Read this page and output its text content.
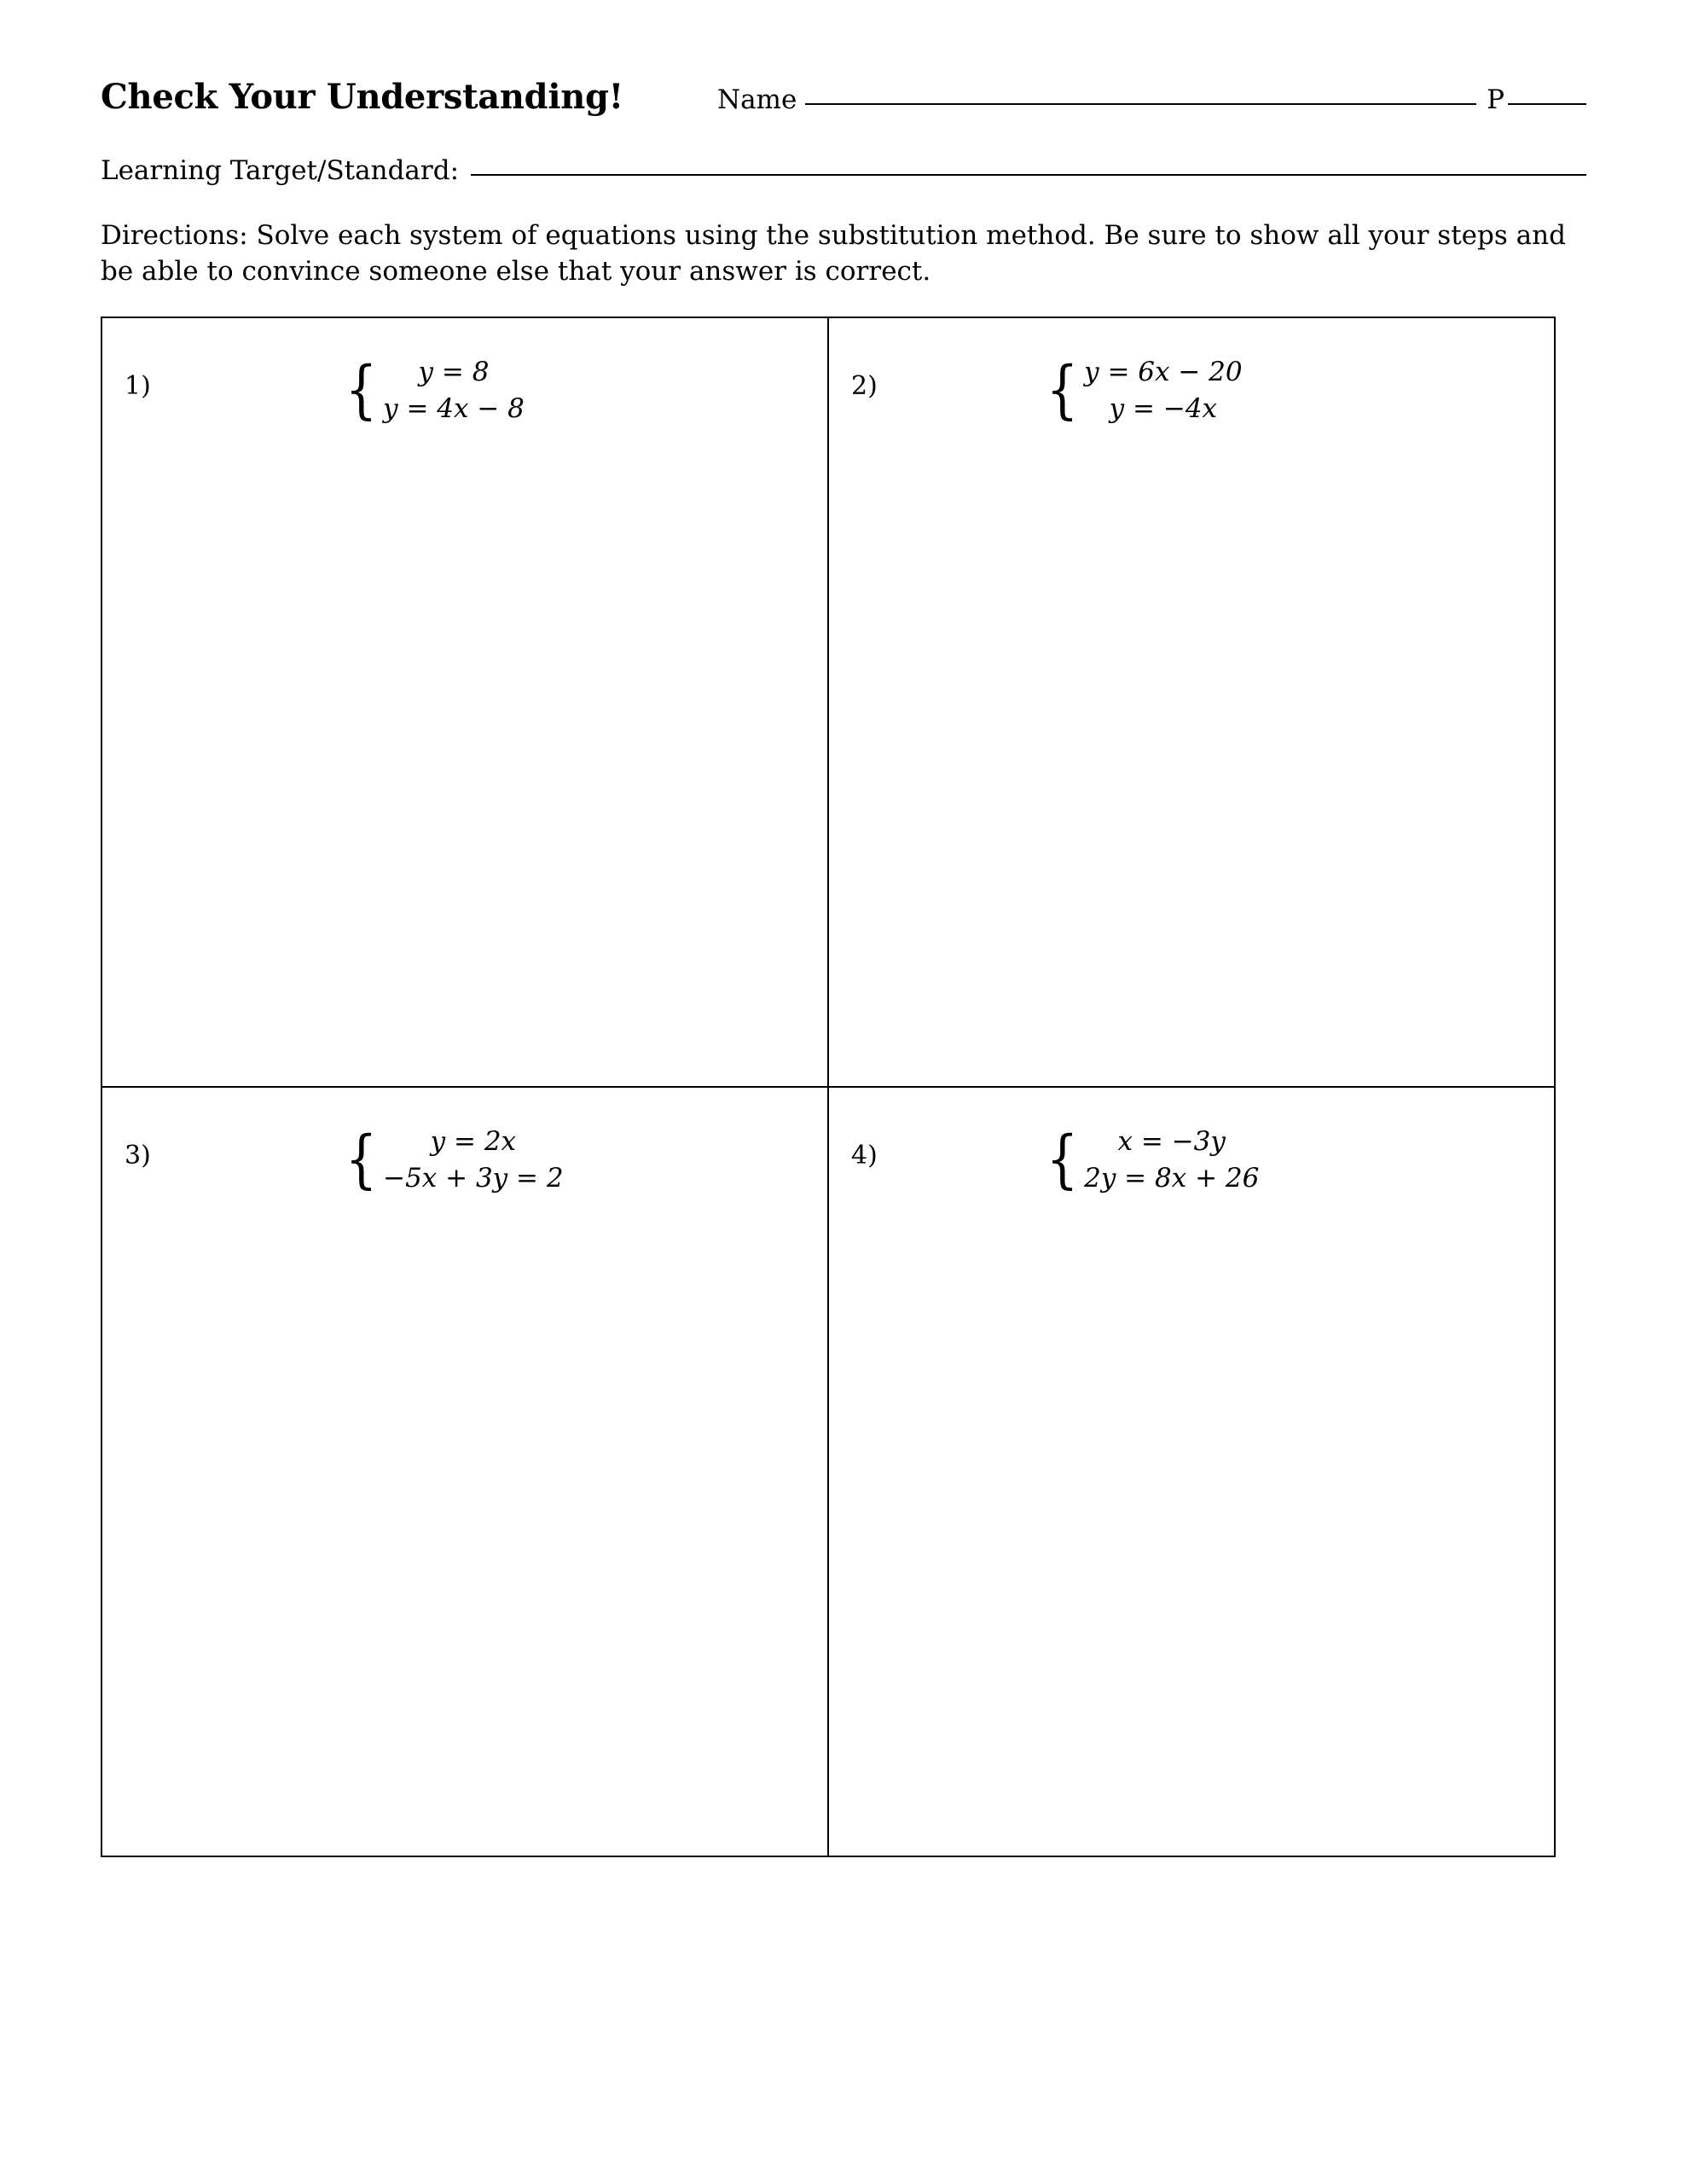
Check Your Understanding!	Name	P
Learning Target/Standard:
Directions: Solve each system of equations using the substitution method. Be sure to show all your steps and be able to convince someone else that your answer is correct.
1) { y = 8
y = 4x − 8	2) { y = 6x − 20
y = −4x

3) { y = 2x
−5x + 3y = 2	4) { x = −3y
2y = 8x + 26
